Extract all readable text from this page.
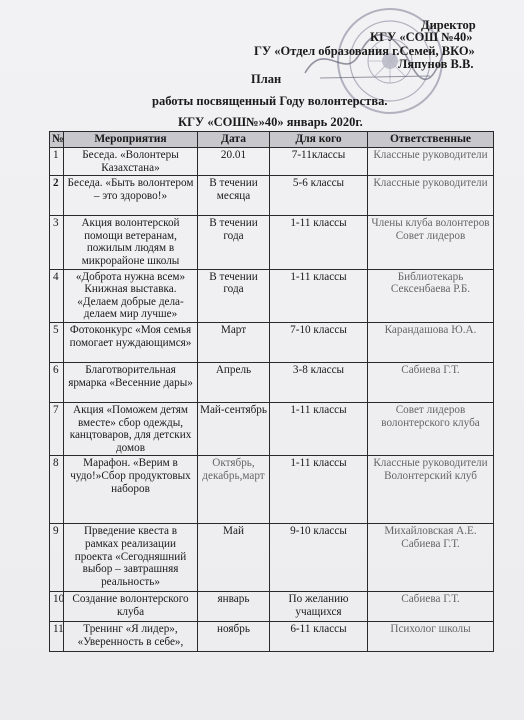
Директор
КГУ «СОШ №40»
ГУ «Отдел образования г.Семей, ВКО»
Ляпунов В.В.
План
работы посвященный Году волонтерства.
КГУ «СОШ№»40» январь 2020г.
№	Мероприятия	Дата	Для кого	Ответственные
1	Беседа. «Волонтеры Казахстана»	20.01	7-11классы	Классные руководители
2	Беседа. «Быть волонтером – это здорово!»	В течении месяца	5-6 классы	Классные руководители
3	Акция волонтерской помощи ветеранам, пожилым людям в микрорайоне школы	В течении года	1-11 классы	Члены клуба волонтеров Совет лидеров
4	«Доброта нужна всем» Книжная выставка. «Делаем добрые дела-делаем мир лучше»	В течении года	1-11 классы	Библиотекарь Сексенбаева Р.Б.
5	Фотоконкурс «Моя семья помогает нуждающимся»	Март	7-10 классы	Карандашова Ю.А.
6	Благотворительная ярмарка «Весенние дары»	Апрель	3-8 классы	Сабиева Г.Т.
7	Акция «Поможем детям вместе» сбор одежды, канцтоваров, для детских домов	Май-сентябрь	1-11 классы	Совет лидеров волонтерского клуба
8	Марафон. «Верим в чудо!»Сбор продуктовых наборов	Октябрь, декабрь,март	1-11 классы	Классные руководители Волонтерский клуб
9	Прведение квеста в рамках реализации проекта «Сегодняшний выбор – завтрашняя реальность»	Май	9-10 классы	Михайловская А.Е. Сабиева Г.Т.
10	Создание волонтерского клуба	январь	По желанию учащихся	Сабиева Г.Т.
11	Тренинг «Я лидер», «Уверенность в себе»,	ноябрь	6-11 классы	Психолог школы
